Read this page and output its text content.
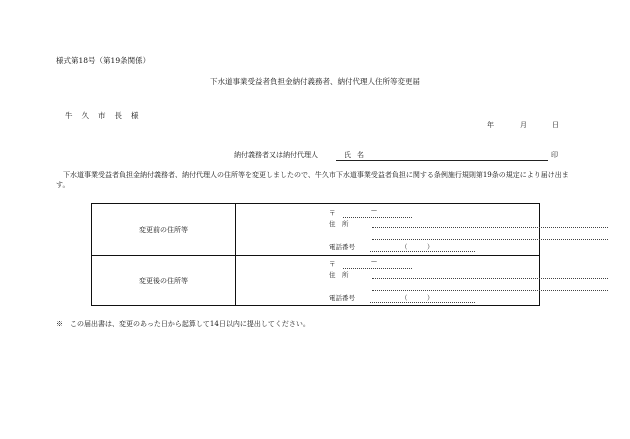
様式第18号（第19条関係）
下水道事業受益者負担金納付義務者、納付代理人住所等変更届
牛久市長様
年	月	日
納付義務者又は納付代理人	氏名	印
下水道事業受益者負担金納付義務者、納付代理人の住所等を変更しましたので、牛久市下水道事業受益者負担に関する条例施行規則第19条の規定により届け出ます。
変更前の住所等
〒	—
住　所
電話番号	（　　　）
変更後の住所等
〒	—
住　所
電話番号	（　　　）
※　この届出書は、変更のあった日から起算して14日以内に提出してください。
